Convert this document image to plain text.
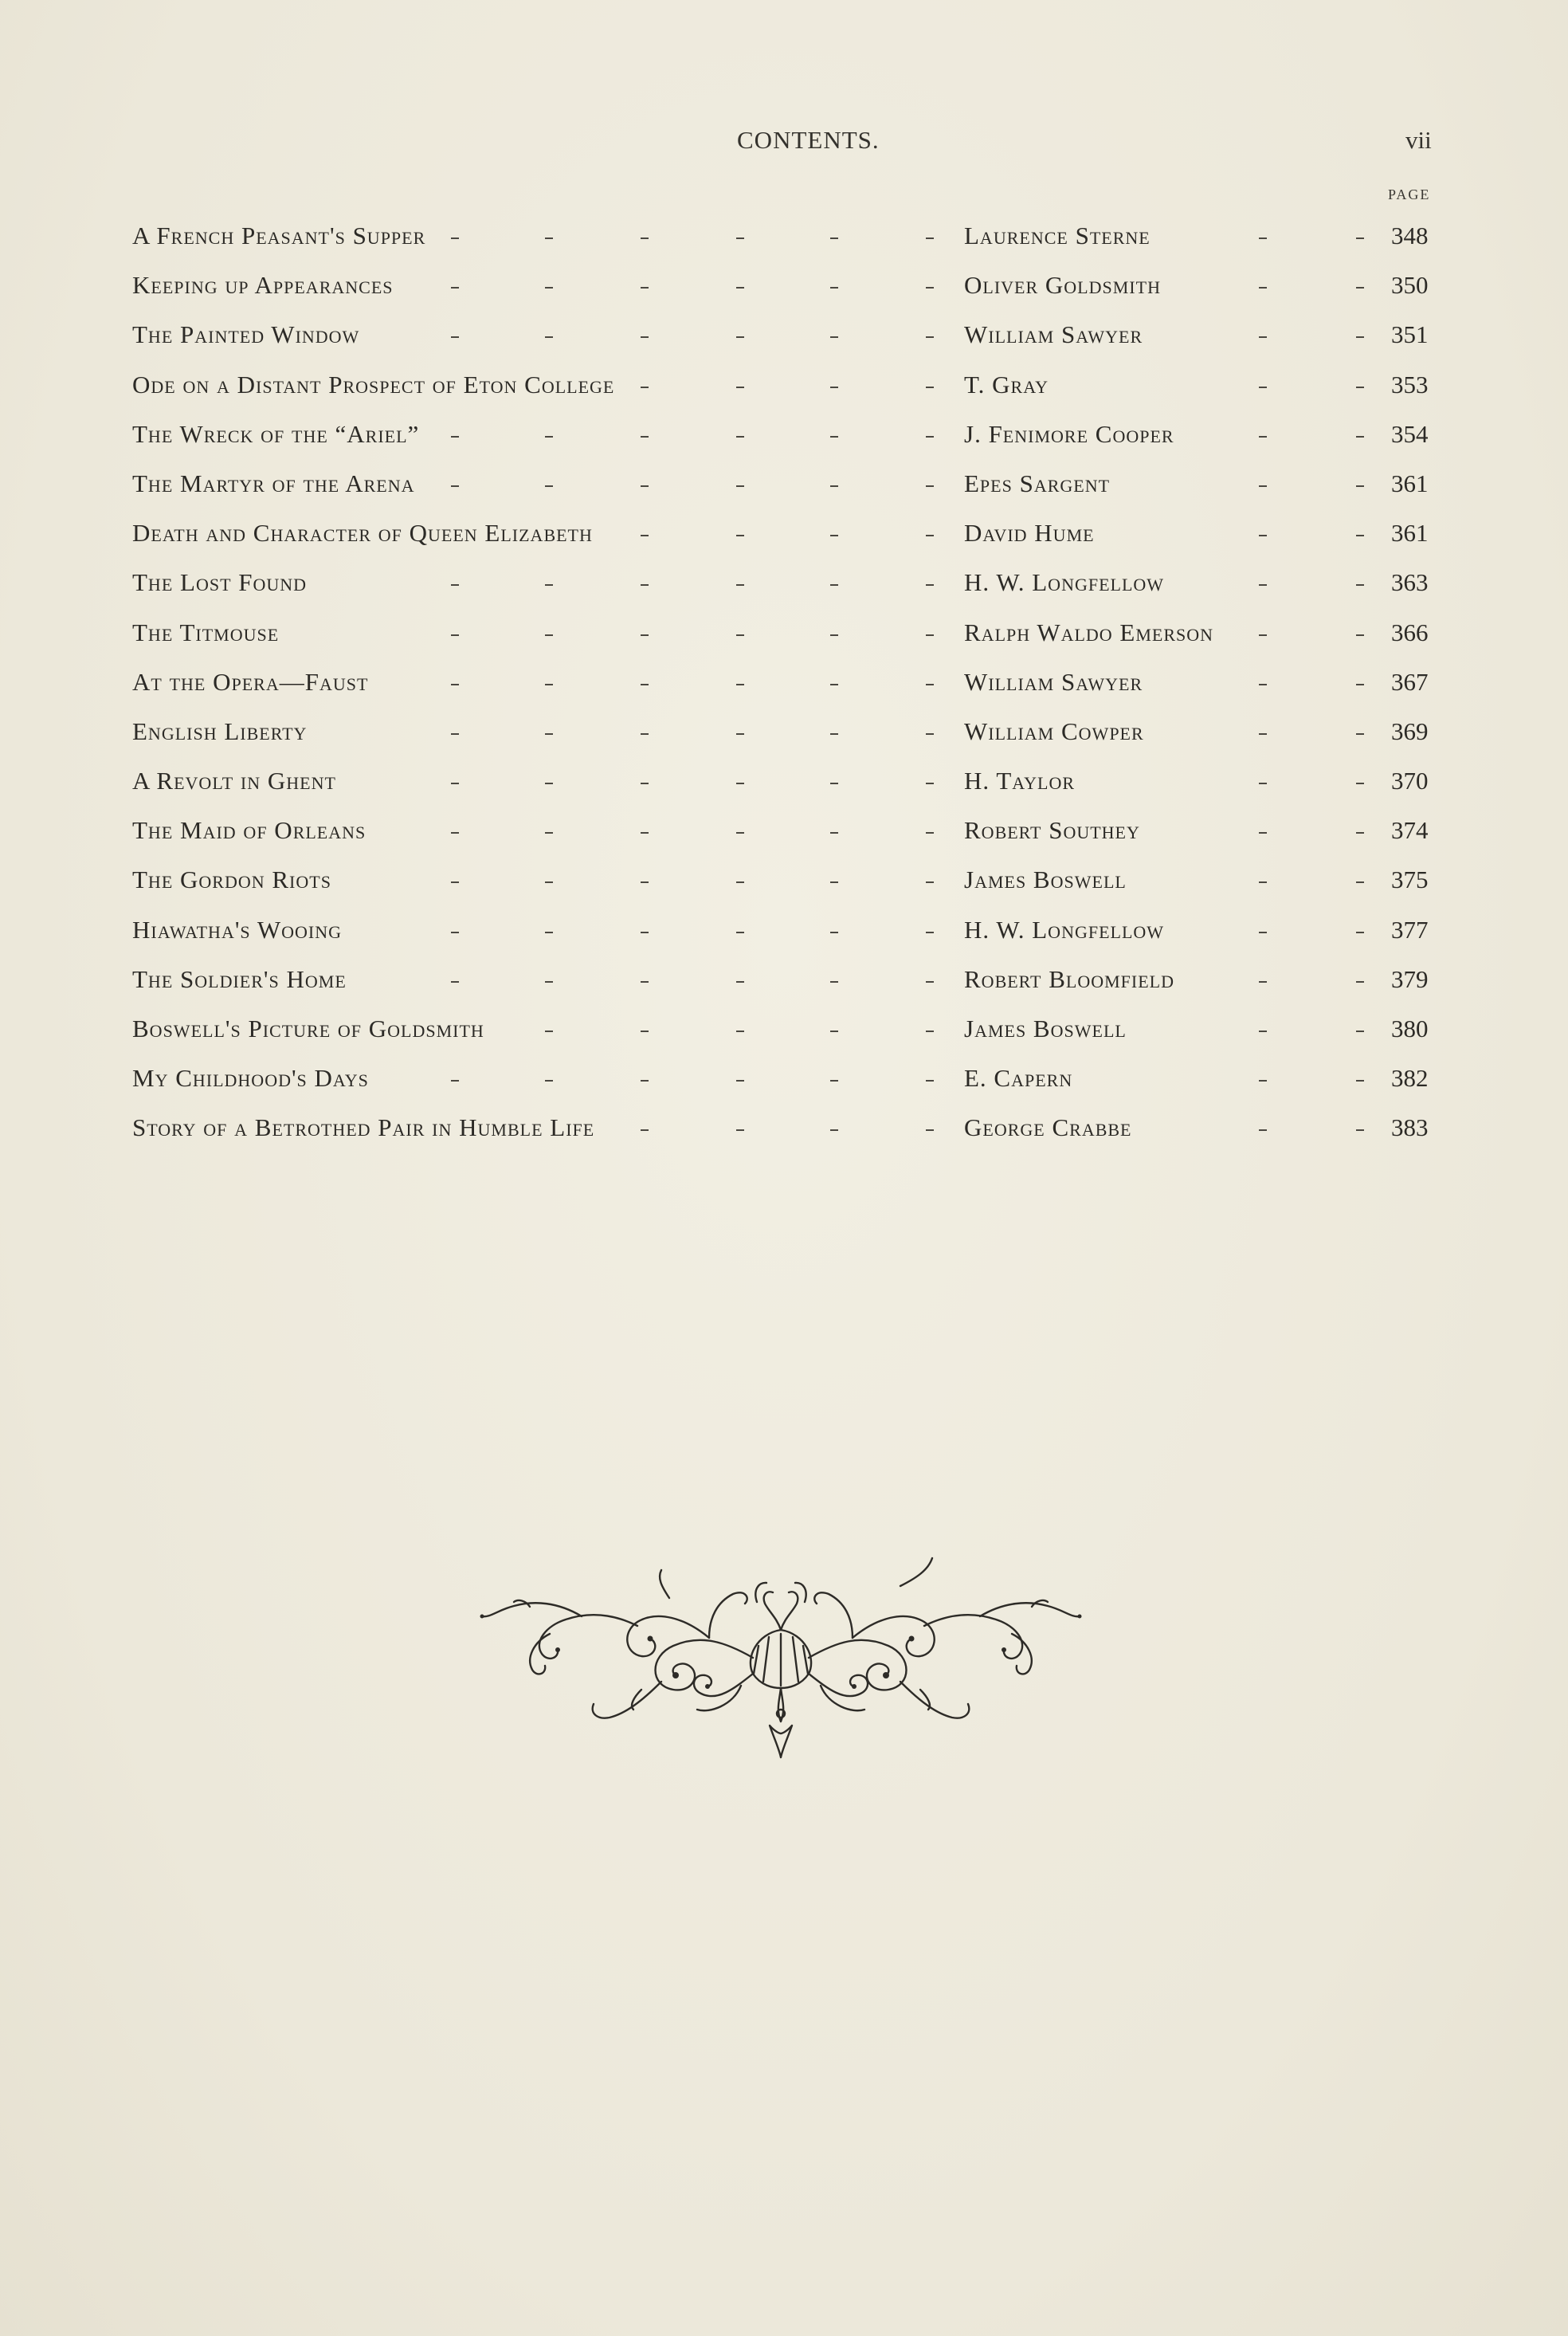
CONTENTS.	vii
PAGE
A French Peasant's Supper	Laurence Sterne	348
Keeping up Appearances	Oliver Goldsmith	350
The Painted Window	William Sawyer	351
Ode on a Distant Prospect of Eton College	T. Gray	353
The Wreck of the “Ariel”	J. Fenimore Cooper	354
The Martyr of the Arena	Epes Sargent	361
Death and Character of Queen Elizabeth	David Hume	361
The Lost Found	H. W. Longfellow	363
The Titmouse	Ralph Waldo Emerson	366
At the Opera—Faust	William Sawyer	367
English Liberty	William Cowper	369
A Revolt in Ghent	H. Taylor	370
The Maid of Orleans	Robert Southey	374
The Gordon Riots	James Boswell	375
Hiawatha's Wooing	H. W. Longfellow	377
The Soldier's Home	Robert Bloomfield	379
Boswell's Picture of Goldsmith	James Boswell	380
My Childhood's Days	E. Capern	382
Story of a Betrothed Pair in Humble Life	George Crabbe	383
